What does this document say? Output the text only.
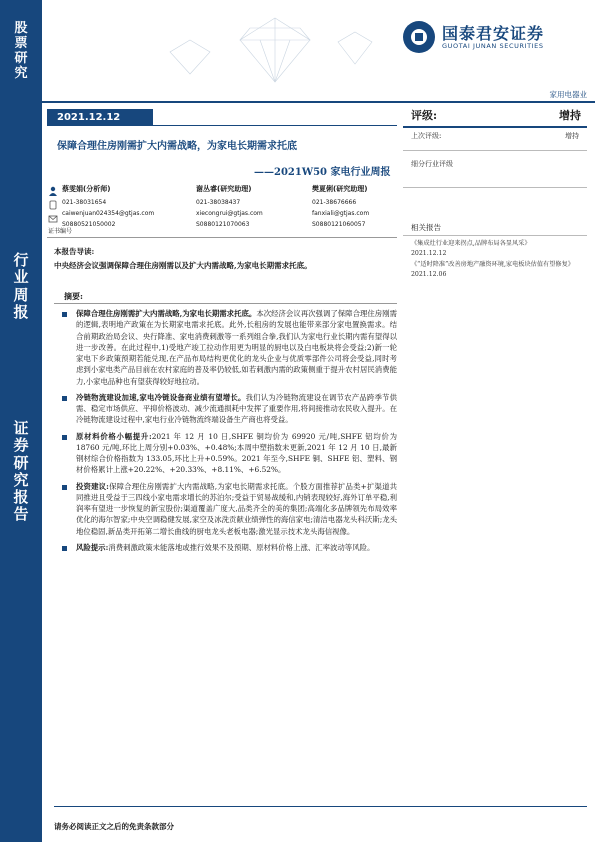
股
票
研
究
行
业
周
报
证
券
研
究
报
告
国泰君安证券
GUOTAI JUNAN SECURITIES
家用电器业
2021.12.12
保障合理住房刚需扩大内需战略，为家电长期需求托底
——2021W50 家电行业周报
蔡雯娟(分析师)
021-38031654
caiwenjuan024354@gtjas.com
S0880521050002
谢丛睿(研究助理)
021-38038437
xiecongrui@gtjas.com
S0880121070063
樊夏俐(研究助理)
021-38676666
fanxiali@gtjas.com
S0880121060057
证书编号
本报告导读:
中央经济会议强调保障合理住房刚需以及扩大内需战略,为家电长期需求托底。
摘要:
保障合理住房刚需扩大内需战略,为家电长期需求托底。本次经济会议再次强调了保障合理住房刚需的逻辑,表明地产政策在为长期家电需求托底。此外,长租房的发展也能带来部分家电置换需求。结合前期政治局会议、央行降准、家电消费刺激等一系列组合拳,我们认为家电行业长期内需有望得以进一步改善。在此过程中,1)受地产竣工拉动作用更为明显的厨电以及白电板块将会受益;2)新一轮家电下乡政策预期若能兑现,在产品布局结构更优化的龙头企业与优质零部件公司将会受益,同时考虑到小家电类产品目前在农村家庭的普及率仍较低,如若刺激内需的政策侧重于提升农村居民消费能力,小家电品种也有望获得较好地拉动。
冷链物流建设加速,家电冷链设备商业绩有望增长。我们认为冷链物流建设在调节农产品跨季节供需、稳定市场供应、平抑价格波动、减少流通损耗中发挥了重要作用,将间接推动农民收入提升。在冷链物流建设过程中,家电行业冷链物流终端设备生产商也将受益。
原材料价格小幅提升:2021 年 12 月 10 日,SHFE 铜均价为 69920 元/吨,SHFE 铝均价为 18760 元/吨,环比上周分别+0.03%、+0.48%;本周中塑指数未更新,2021 年 12 月 10 日,最新钢材综合价格指数为 133.05,环比上升+0.59%。2021 年至今,SHFE 铜、SHFE 铝、塑料、钢材价格累计上涨+20.22%、+20.33%、+8.11%、+6.52%。
投资建议:保障合理住房刚需扩大内需战略,为家电长期需求托底。个股方面推荐扩品类+扩渠道共同推进且受益于三四线小家电需求增长的苏泊尔;受益于贸易战缓和,内销表现较好,海外订单平稳,利润率有望进一步恢复的新宝股份;渠道覆盖广度大,品类齐全的美的集团;高端化多品牌领先布局效率优化的海尔智家;中央空调稳健发展,家空及冰洗贡献业绩弹性的海信家电;清洁电器龙头科沃斯;龙头地位稳固,新品类开拓第二增长曲线的厨电龙头老板电器;激光显示技术龙头海信视像。
风险提示:消费刺激政策未能落地或推行效果不及预期、原材料价格上涨、汇率波动等风险。
评级:	增持
上次评级:	增持
细分行业评级
相关报告
《集成灶行业迎来拐点,品牌布局各显风采》
2021.12.12
《“适时降准”改善房地产融资环境,家电板块估值有望修复》
2021.12.06
请务必阅读正文之后的免责条款部分
